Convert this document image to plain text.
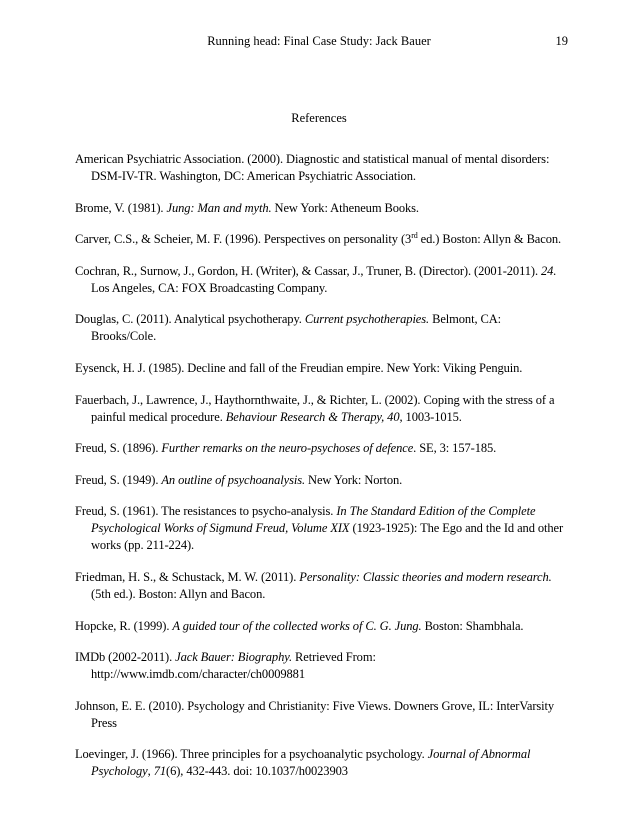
Running head: Final Case Study: Jack Bauer	19
References

American Psychiatric Association. (2000). Diagnostic and statistical manual of mental disorders: DSM-IV-TR. Washington, DC: American Psychiatric Association.

Brome, V. (1981). Jung: Man and myth. New York: Atheneum Books.

Carver, C.S., & Scheier, M. F. (1996). Perspectives on personality (3rd ed.) Boston: Allyn & Bacon.

Cochran, R., Surnow, J., Gordon, H. (Writer), & Cassar, J., Truner, B. (Director). (2001-2011). 24. Los Angeles, CA: FOX Broadcasting Company.

Douglas, C. (2011). Analytical psychotherapy. Current psychotherapies. Belmont, CA: Brooks/Cole.

Eysenck, H. J. (1985). Decline and fall of the Freudian empire. New York: Viking Penguin.

Fauerbach, J., Lawrence, J., Haythornthwaite, J., & Richter, L. (2002). Coping with the stress of a painful medical procedure. Behaviour Research & Therapy, 40, 1003-1015.

Freud, S. (1896). Further remarks on the neuro-psychoses of defence. SE, 3: 157-185.

Freud, S. (1949). An outline of psychoanalysis. New York: Norton.

Freud, S. (1961). The resistances to psycho-analysis. In The Standard Edition of the Complete Psychological Works of Sigmund Freud, Volume XIX (1923-1925): The Ego and the Id and other works (pp. 211-224).

Friedman, H. S., & Schustack, M. W. (2011). Personality: Classic theories and modern research. (5th ed.). Boston: Allyn and Bacon.

Hopcke, R. (1999). A guided tour of the collected works of C. G. Jung. Boston: Shambhala.

IMDb (2002-2011). Jack Bauer: Biography. Retrieved From: http://www.imdb.com/character/ch0009881

Johnson, E. E. (2010). Psychology and Christianity: Five Views. Downers Grove, IL: InterVarsity Press

Loevinger, J. (1966). Three principles for a psychoanalytic psychology. Journal of Abnormal Psychology, 71(6), 432-443. doi: 10.1037/h0023903
